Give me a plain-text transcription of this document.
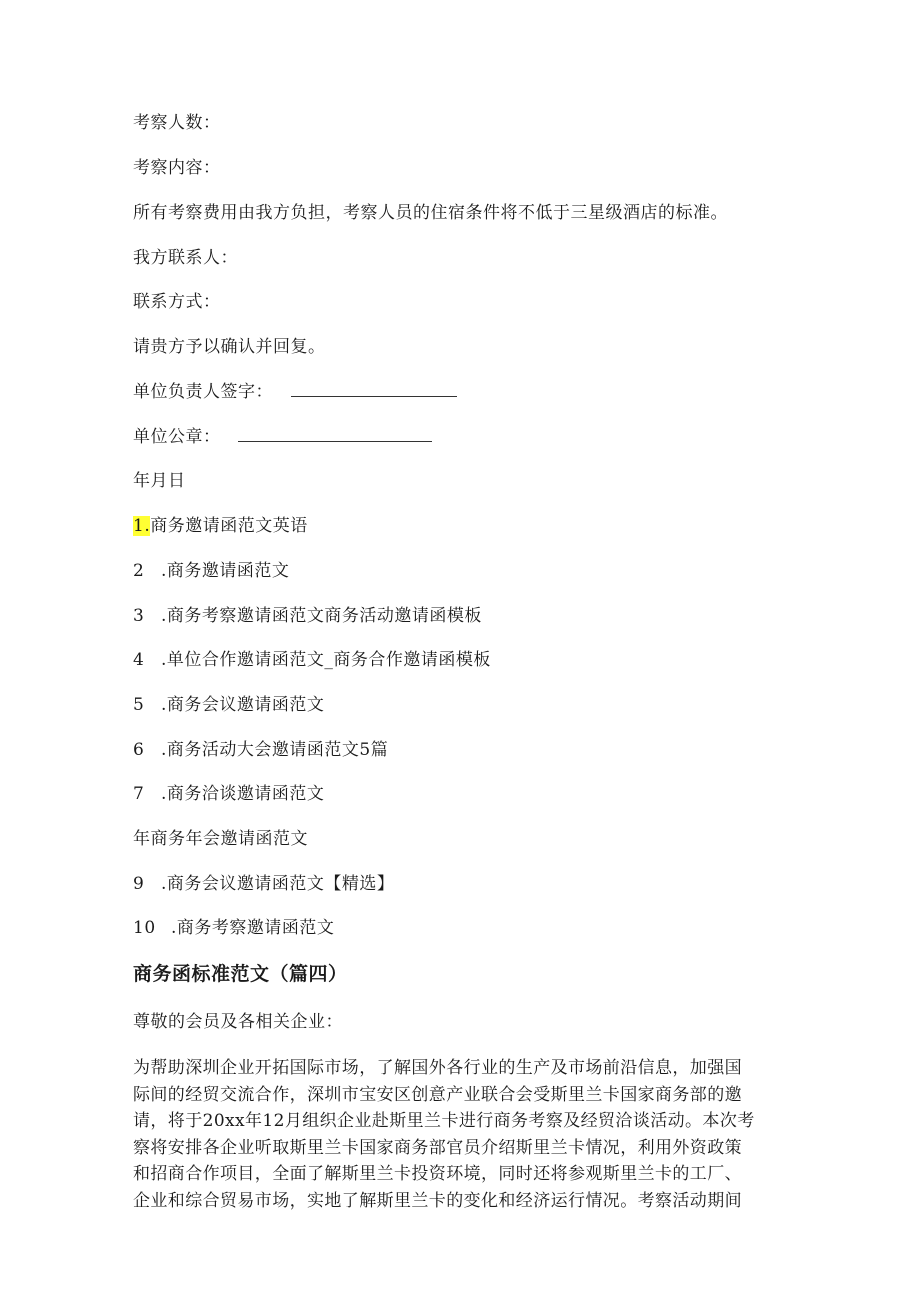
考察人数：
考察内容：
所有考察费用由我方负担，考察人员的住宿条件将不低于三星级酒店的标准。
我方联系人：
联系方式：
请贵方予以确认并回复。
单位负责人签字：
单位公章：
年月日
1.商务邀请函范文英语
2 .商务邀请函范文
3 .商务考察邀请函范文商务活动邀请函模板
4 .单位合作邀请函范文_商务合作邀请函模板
5 .商务会议邀请函范文
6 .商务活动大会邀请函范文5篇
7 .商务洽谈邀请函范文
年商务年会邀请函范文
9 .商务会议邀请函范文【精选】
10 .商务考察邀请函范文
商务函标准范文（篇四）
尊敬的会员及各相关企业：
为帮助深圳企业开拓国际市场，了解国外各行业的生产及市场前沿信息，加强国
际间的经贸交流合作，深圳市宝安区创意产业联合会受斯里兰卡国家商务部的邀
请，将于20xx年12月组织企业赴斯里兰卡进行商务考察及经贸洽谈活动。本次考
察将安排各企业听取斯里兰卡国家商务部官员介绍斯里兰卡情况，利用外资政策
和招商合作项目，全面了解斯里兰卡投资环境，同时还将参观斯里兰卡的工厂、
企业和综合贸易市场，实地了解斯里兰卡的变化和经济运行情况。考察活动期间
